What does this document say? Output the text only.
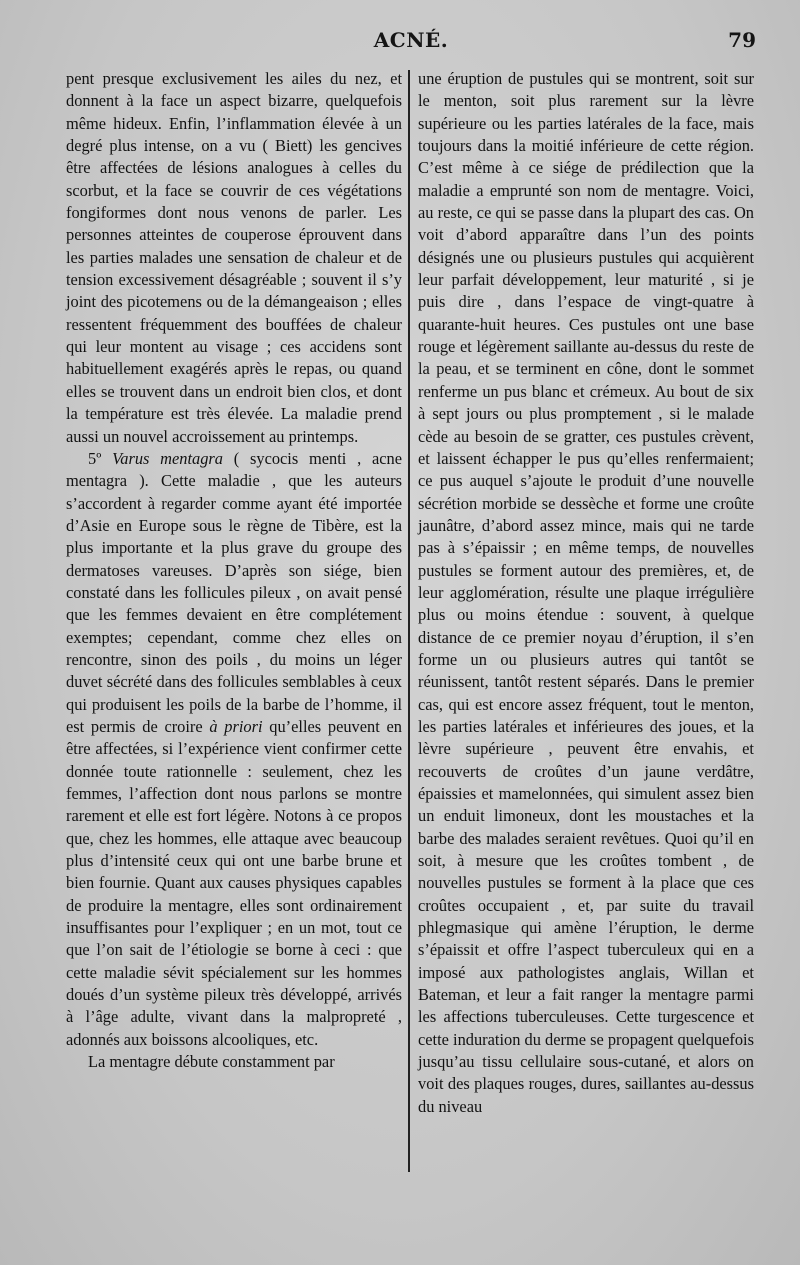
ACNÉ.	79

pent presque exclusivement les ailes du nez, et donnent à la face un aspect bizarre, quelquefois même hideux. Enfin, l’inflammation élevée à un degré plus intense, on a vu ( Biett) les gencives être affectées de lésions analogues à celles du scorbut, et la face se couvrir de ces végétations fongiformes dont nous venons de parler. Les personnes atteintes de couperose éprouvent dans les parties malades une sensation de chaleur et de tension excessivement désagréable ; souvent il s’y joint des picotemens ou de la démangeaison ; elles ressentent fréquemment des bouffées de chaleur qui leur montent au visage ; ces accidens sont habituellement exagérés après le repas, ou quand elles se trouvent dans un endroit bien clos, et dont la température est très élevée. La maladie prend aussi un nouvel accroissement au printemps.

5º Varus mentagra ( sycocis menti , acne mentagra ). Cette maladie , que les auteurs s’accordent à regarder comme ayant été importée d’Asie en Europe sous le règne de Tibère, est la plus importante et la plus grave du groupe des dermatoses vareuses. D’après son siége, bien constaté dans les follicules pileux , on avait pensé que les femmes devaient en être complétement exemptes; cependant, comme chez elles on rencontre, sinon des poils , du moins un léger duvet sécrété dans des follicules semblables à ceux qui produisent les poils de la barbe de l’homme, il est permis de croire à priori qu’elles peuvent en être affectées, si l’expérience vient confirmer cette donnée toute rationnelle : seulement, chez les femmes, l’affection dont nous parlons se montre rarement et elle est fort légère. Notons à ce propos que, chez les hommes, elle attaque avec beaucoup plus d’intensité ceux qui ont une barbe brune et bien fournie. Quant aux causes physiques capables de produire la mentagre, elles sont ordinairement insuffisantes pour l’expliquer ; en un mot, tout ce que l’on sait de l’étiologie se borne à ceci : que cette maladie sévit spécialement sur les hommes doués d’un système pileux très développé, arrivés à l’âge adulte, vivant dans la malpropreté , adonnés aux boissons alcooliques, etc.

La mentagre débute constamment par

une éruption de pustules qui se montrent, soit sur le menton, soit plus rarement sur la lèvre supérieure ou les parties latérales de la face, mais toujours dans la moitié inférieure de cette région. C’est même à ce siége de prédilection que la maladie a emprunté son nom de mentagre. Voici, au reste, ce qui se passe dans la plupart des cas. On voit d’abord apparaître dans l’un des points désignés une ou plusieurs pustules qui acquièrent leur parfait développement, leur maturité , si je puis dire , dans l’espace de vingt-quatre à quarante-huit heures. Ces pustules ont une base rouge et légèrement saillante au-dessus du reste de la peau, et se terminent en cône, dont le sommet renferme un pus blanc et crémeux. Au bout de six à sept jours ou plus promptement , si le malade cède au besoin de se gratter, ces pustules crèvent, et laissent échapper le pus qu’elles renfermaient; ce pus auquel s’ajoute le produit d’une nouvelle sécrétion morbide se dessèche et forme une croûte jaunâtre, d’abord assez mince, mais qui ne tarde pas à s’épaissir ; en même temps, de nouvelles pustules se forment autour des premières, et, de leur agglomération, résulte une plaque irrégulière plus ou moins étendue : souvent, à quelque distance de ce premier noyau d’éruption, il s’en forme un ou plusieurs autres qui tantôt se réunissent, tantôt restent séparés. Dans le premier cas, qui est encore assez fréquent, tout le menton, les parties latérales et inférieures des joues, et la lèvre supérieure , peuvent être envahis, et recouverts de croûtes d’un jaune verdâtre, épaissies et mamelonnées, qui simulent assez bien un enduit limoneux, dont les moustaches et la barbe des malades seraient revêtues. Quoi qu’il en soit, à mesure que les croûtes tombent , de nouvelles pustules se forment à la place que ces croûtes occupaient , et, par suite du travail phlegmasique qui amène l’éruption, le derme s’épaissit et offre l’aspect tuberculeux qui en a imposé aux pathologistes anglais, Willan et Bateman, et leur a fait ranger la mentagre parmi les affections tuberculeuses. Cette turgescence et cette induration du derme se propagent quelquefois jusqu’au tissu cellulaire sous-cutané, et alors on voit des plaques rouges, dures, saillantes au-dessus du niveau
